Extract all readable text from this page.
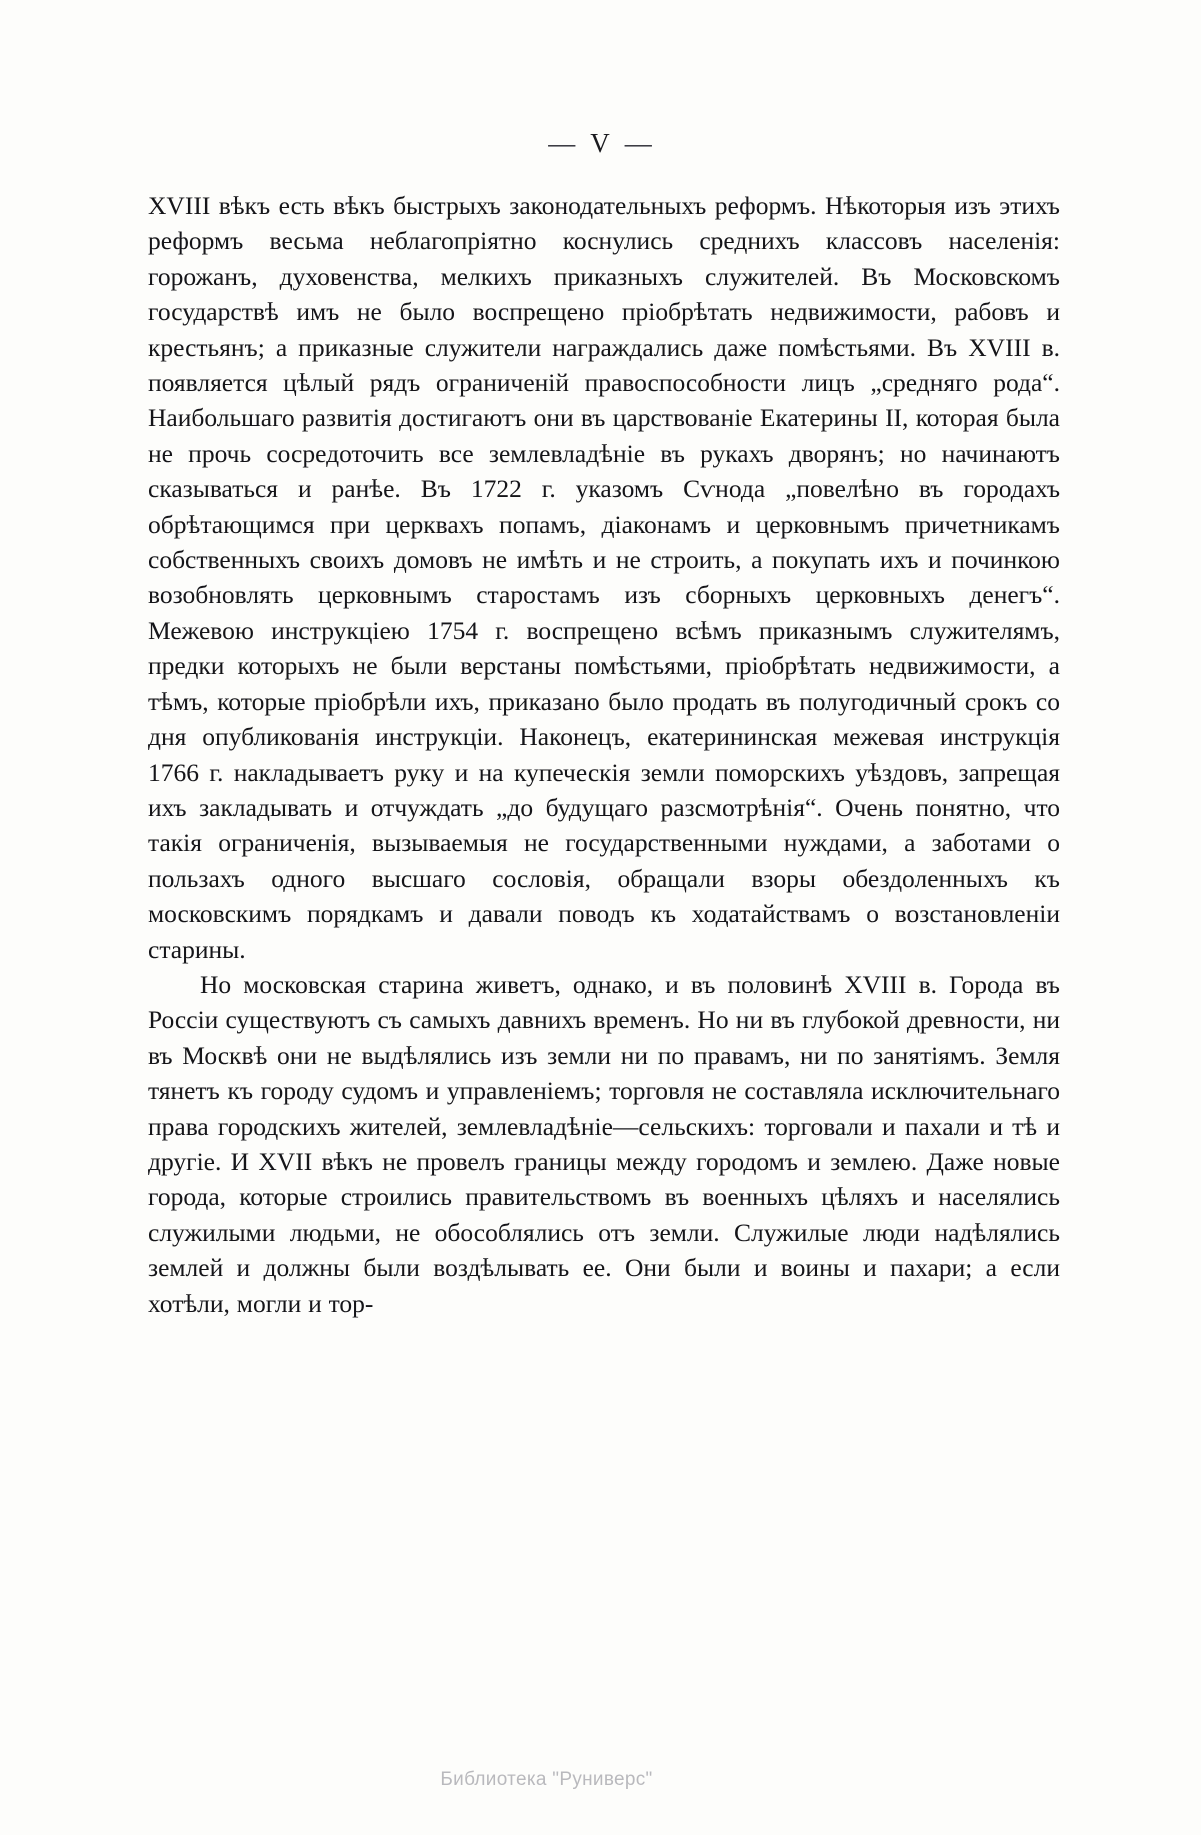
— V —

XVIII вѣкъ есть вѣкъ быстрыхъ законодательныхъ реформъ. Нѣкоторыя изъ этихъ реформъ весьма неблагопріятно коснулись среднихъ классовъ населенія: горожанъ, духовенства, мелкихъ приказныхъ служителей. Въ Московскомъ государствѣ имъ не было воспрещено пріобрѣтать недвижимости, рабовъ и крестьянъ; а приказные служители награждались даже помѣстьями. Въ XVIII в. появляется цѣлый рядъ ограниченій правоспособности лицъ „средняго рода“. Наибольшаго развитія достигаютъ они въ царствованіе Екатерины II, которая была не прочь сосредоточить все землевладѣніе въ рукахъ дворянъ; но начинаютъ сказываться и ранѣе. Въ 1722 г. указомъ Сѵнода „повелѣно въ городахъ обрѣтающимся при церквахъ попамъ, діаконамъ и церковнымъ причетникамъ собственныхъ своихъ домовъ не имѣть и не строить, а покупать ихъ и починкою возобновлять церковнымъ старостамъ изъ сборныхъ церковныхъ денегъ“. Межевою инструкціею 1754 г. воспрещено всѣмъ приказнымъ служителямъ, предки которыхъ не были верстаны помѣстьями, пріобрѣтать недвижимости, а тѣмъ, которые пріобрѣли ихъ, приказано было продать въ полугодичный срокъ со дня опубликованія инструкціи. Наконецъ, екатерининская межевая инструкція 1766 г. накладываетъ руку и на купеческія земли поморскихъ уѣздовъ, запрещая ихъ закладывать и отчуждать „до будущаго разсмотрѣнія“. Очень понятно, что такія ограниченія, вызываемыя не государственными нуждами, а заботами о пользахъ одного высшаго сословія, обращали взоры обездоленныхъ къ московскимъ порядкамъ и давали поводъ къ ходатайствамъ о возстановленіи старины.

Но московская старина живетъ, однако, и въ половинѣ XVIII в. Города въ Россіи существуютъ съ самыхъ давнихъ временъ. Но ни въ глубокой древности, ни въ Москвѣ они не выдѣлялись изъ земли ни по правамъ, ни по занятіямъ. Земля тянетъ къ городу судомъ и управленіемъ; торговля не составляла исключительнаго права городскихъ жителей, землевладѣніе—сельскихъ: торговали и пахали и тѣ и другіе. И XVII вѣкъ не провелъ границы между городомъ и землею. Даже новые города, которые строились правительствомъ въ военныхъ цѣляхъ и населялись служилыми людьми, не обособлялись отъ земли. Служилые люди надѣлялись землей и должны были воздѣлывать ее. Они были и воины и пахари; а если хотѣли, могли и тор-

Библиотека "Руниверс"
